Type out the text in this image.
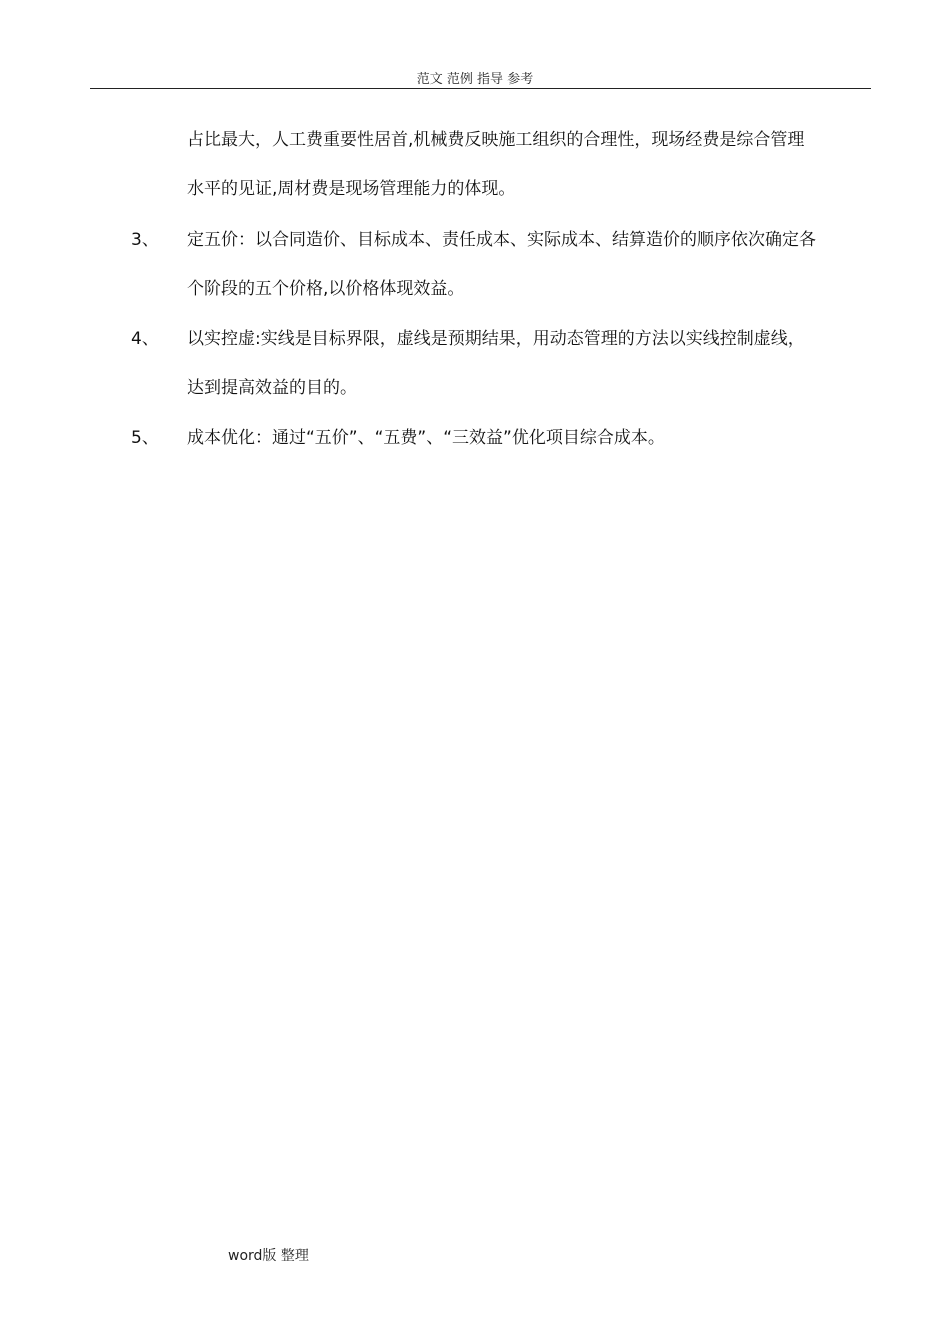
范文 范例 指导 参考
占比最大，人工费重要性居首,机械费反映施工组织的合理性，现场经费是综合管理
水平的见证,周材费是现场管理能力的体现。
3、 定五价：以合同造价、目标成本、责任成本、实际成本、结算造价的顺序依次确定各
个阶段的五个价格,以价格体现效益。
4、 以实控虚:实线是目标界限，虚线是预期结果，用动态管理的方法以实线控制虚线，
达到提高效益的目的。
5、 成本优化：通过“五价”、“五费”、“三效益”优化项目综合成本。
word版 整理
